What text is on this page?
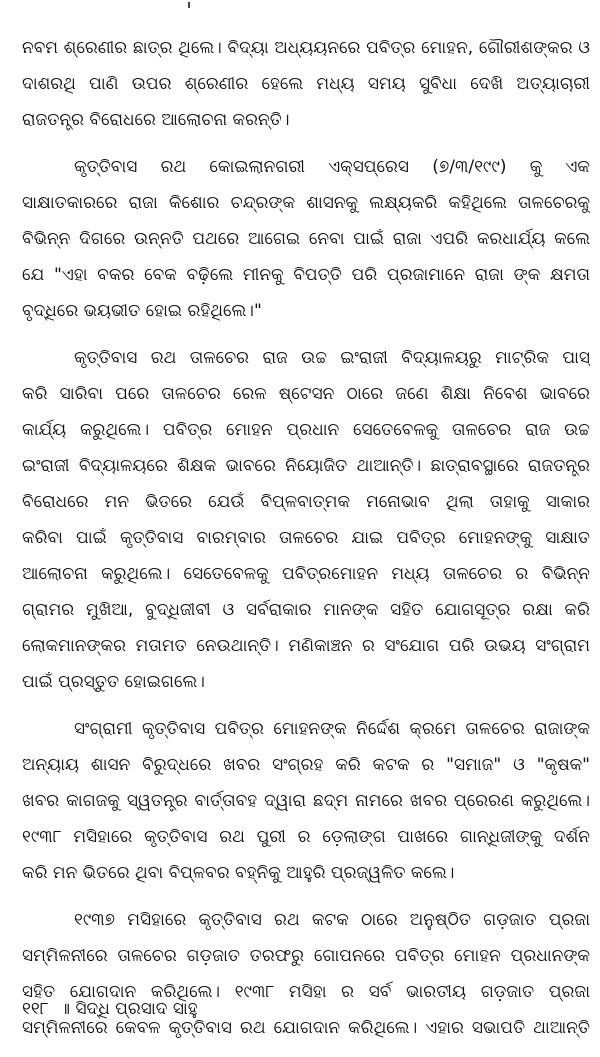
ନବମ ଶ୍ରେଣୀର ଛାତ୍ର ଥିଲେ। ବିଦ୍ୟା ଅଧ୍ୟୟନରେ ପବିତ୍ର ମୋହନ, ଗୌରୀଶଙ୍କର ଓ
ଦାଶରଥି ପାଣି ଉପର ଶ୍ରେଣୀର ହେଲେ ମଧ୍ୟ ସମୟ ସୁବିଧା ଦେଖି ଅତ୍ୟାଚାରୀ
ରାଜତନ୍ତ୍ର ବିରୋଧରେ ଆଲୋଚନା କରନ୍ତି।
କୃତ୍ତିବାସ ରଥ କୋଇଲାନଗରୀ ଏକ୍ସପ୍ରେସ (୭/୩/୧୯୯) କୁ ଏକ
ସାକ୍ଷାତକାରରେ ରାଜା କିଶୋର ଚନ୍ଦ୍ରଙ୍କ ଶାସନକୁ ଲକ୍ଷ୍ୟକରି କହିଥିଲେ ତାଳଚେରକୁ
ବିଭିନ୍ନ ଦିଗରେ ଉନ୍ନତି ପଥରେ ଆଗେଇ ନେବା ପାଇଁ ରାଜା ଏପରି କରଧାର୍ଯ୍ୟ କଲେ
ଯେ "ଏହା ବକର ବେକ ବଢ଼ିଲେ ମୀନକୁ ବିପତ୍ତି ପରି ପ୍ରଜାମାନେ ରାଜା ଙ୍କ କ୍ଷମତା
ବୃଦ୍ଧିରେ ଭୟଭୀତ ହୋଇ ରହିଥିଲେ।"
କୃତ୍ତିବାସ ରଥ ତାଳଚେର ରାଜ ଉଚ୍ଚ ଇଂରାଜୀ ବିଦ୍ୟାଳୟରୁ ମାଟ୍ରିକ ପାସ୍
କରି ସାରିବା ପରେ ତାଳଚେର ରେଳ ଷ୍ଟେସନ ଠାରେ ଜଣେ ଶିକ୍ଷା ନିବେଶ ଭାବରେ
କାର୍ଯ୍ୟ କରୁଥିଲେ। ପବିତ୍ର ମୋହନ ପ୍ରଧାନ ସେତେବେଳକୁ ତାଳଚେର ରାଜ ଉଚ୍ଚ
ଇଂରାଜୀ ବିଦ୍ୟାଳୟରେ ଶିକ୍ଷକ ଭାବରେ ନିୟୋଜିତ ଥାଆନ୍ତି। ଛାତ୍ରାବସ୍ଥାରେ ରାଜତନ୍ତ୍ର
ବିରୋଧରେ ମନ ଭିତରେ ଯେଉଁ ବିପ୍ଳବାତ୍ମକ ମନୋଭାବ ଥିଲା ତାହାକୁ ସାକାର
କରିବା ପାଇଁ କୃତ୍ତିବାସ ବାରମ୍ବାର ତାଳଚେର ଯାଇ ପବିତ୍ର ମୋହନଙ୍କୁ ସାକ୍ଷାତ
ଆଲୋଚନା କରୁଥିଲେ। ସେତେବେଳକୁ ପବିତ୍ରମୋହନ ମଧ୍ୟ ତାଳଚେର ର ବିଭିନ୍ନ
ଗ୍ରାମର ମୁଖିଆ, ବୁଦ୍ଧିଜୀବୀ ଓ ସର୍ବରାକାର ମାନଙ୍କ ସହିତ ଯୋଗସୂତ୍ର ରକ୍ଷା କରି
ଲୋକମାନଙ୍କର ମତାମତ ନେଉଥାନ୍ତି। ମଣିକାଞ୍ଚନ ର ସଂଯୋଗ ପରି ଉଭୟ ସଂଗ୍ରାମ
ପାଇଁ ପ୍ରସ୍ତୁତ ହୋଇଗଲେ।
ସଂଗ୍ରାମୀ କୃତ୍ତିବାସ ପବିତ୍ର ମୋହନଙ୍କ ନିର୍ଦ୍ଦେଶ କ୍ରମେ ତାଳଚେର ରାଜାଙ୍କ
ଅନ୍ୟାୟ ଶାସନ ବିରୁଦ୍ଧରେ ଖବର ସଂଗ୍ରହ କରି କଟକ ର "ସମାଜ" ଓ "କୃଷକ"
ଖବର କାଗଜକୁ ସ୍ୱତନ୍ତ୍ର ବାର୍ତ୍ତାବହ ଦ୍ୱାରା ଛଦ୍ମ ନାମରେ ଖବର ପ୍ରେରଣ କରୁଥିଲେ।
୧୯୩୮ ମସିହାରେ କୃତ୍ତିବାସ ରଥ ପୁରୀ ର ଡ଼େଲାଙ୍ଗ ପାଖରେ ଗାନ୍ଧିଜୀଙ୍କୁ ଦର୍ଶନ
କରି ମନ ଭିତରେ ଥିବା ବିପ୍ଳବର ବହ୍ନିକୁ ଆହୁରି ପ୍ରଜ୍ୱଳିତ କଲେ।
୧୯୩୭ ମସିହାରେ କୃତ୍ତିବାସ ରଥ କଟକ ଠାରେ ଅନୁଷ୍ଠିତ ଗଡ଼ଜାତ ପ୍ରଜା
ସମ୍ମିଳନୀରେ ତାଳଚେର ଗଡ଼ଜାତ ତରଫରୁ ଗୋପନରେ ପବିତ୍ର ମୋହନ ପ୍ରଧାନଙ୍କ
ସହିତ ଯୋଗଦାନ କରିଥିଲେ। ୧୯୩୮ ମସିହା ର ସର୍ବ ଭାରତୀୟ ଗଡ଼ଜାତ ପ୍ରଜା
ସମ୍ମିଳନୀରେ କେବଳ କୃତ୍ତିବାସ ରଥ ଯୋଗଦାନ କରିଥିଲେ। ଏହାର ସଭାପତି ଥାଆନ୍ତି
୧୧୮ ॥ ସିଦ୍ଧି ପ୍ରସାଦ ସାହୁ
